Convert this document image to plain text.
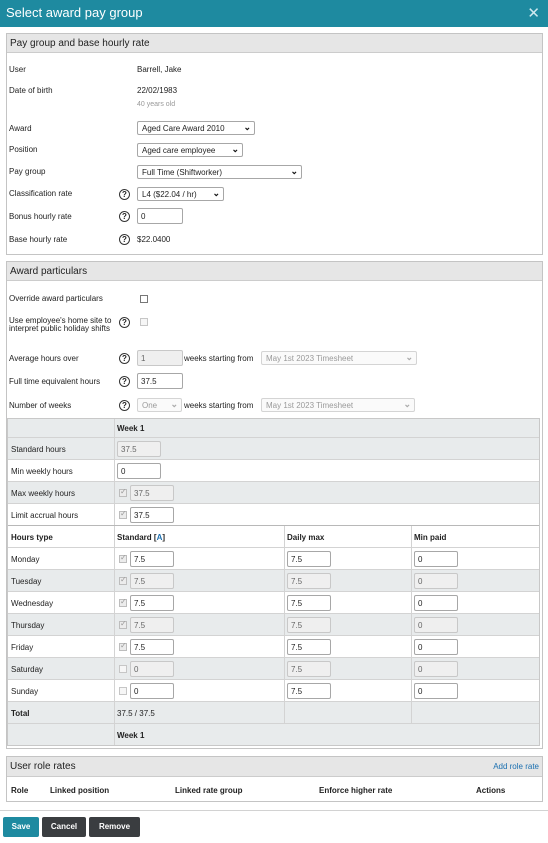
Select award pay group	✕
Pay group and base hourly rate
User	Barrell, Jake
Date of birth	22/02/1983
40 years old
Award	Aged Care Award 2010 ⌄
Position	Aged care employee ⌄
Pay group	Full Time (Shiftworker)	⌄
Classification rate	?	L4 ($22.04 / hr) ⌄
Bonus hourly rate	?	0
Base hourly rate	?	$22.0400
Award particulars
Override award particulars
Use employee's home site to interpret public holiday shifts
?
Average hours over	?	1	weeks starting from	May 1st 2023 Timesheet	⌄
Full time equivalent hours	?	37.5
Number of weeks	?	One ⌄ weeks starting from	May 1st 2023 Timesheet	⌄
Week 1
Standard hours	37.5
Min weekly hours	0
Max weekly hours ✓	37.5
Limit accrual hours ✓	37.5
Hours type	Standard [A]	Daily max	Min paid
Monday ✓	7.5	7.5	0
Tuesday ✓	7.5	7.5	0
Wednesday ✓	7.5	7.5	0
Thursday ✓	7.5	7.5	0
Friday ✓	7.5	7.5	0
Saturday	0	7.5	0
Sunday	0	7.5	0
Total	37.5 / 37.5
Week 1
User role rates	Add role rate
Role	Linked position	Linked rate group	Enforce higher rate	Actions
Save	Cancel	Remove
